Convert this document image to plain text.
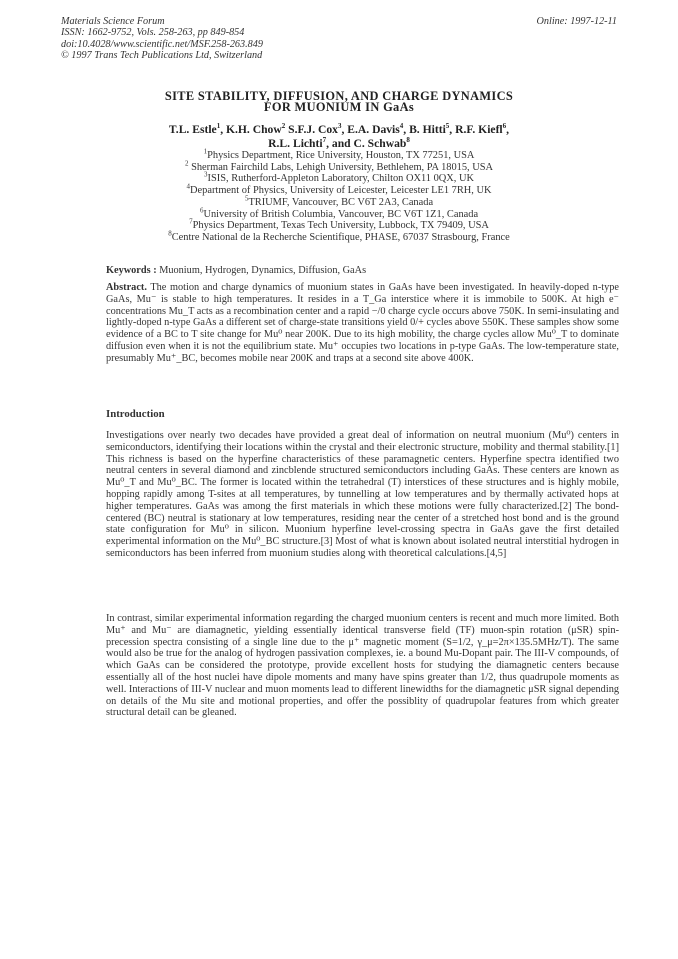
Materials Science Forum
ISSN: 1662-9752, Vols. 258-263, pp 849-854
doi:10.4028/www.scientific.net/MSF.258-263.849
© 1997 Trans Tech Publications Ltd, Switzerland
Online: 1997-12-11
SITE STABILITY, DIFFUSION, AND CHARGE DYNAMICS
FOR MUONIUM IN GaAs
T.L. Estle$^1$, K.H. Chow$^2$ S.F.J. Cox$^3$, E.A. Davis$^4$, B. Hitti$^5$, R.F. Kiefl$^6$,
R.L. Lichti$^7$, and C. Schwab$^8$
$^1$Physics Department, Rice University, Houston, TX 77251, USA
$^2$ Sherman Fairchild Labs, Lehigh University, Bethlehem, PA 18015, USA
$^3$ISIS, Rutherford-Appleton Laboratory, Chilton OX11 0QX, UK
$^4$Department of Physics, University of Leicester, Leicester LE1 7RH, UK
$^5$TRIUMF, Vancouver, BC V6T 2A3, Canada
$^6$University of British Columbia, Vancouver, BC V6T 1Z1, Canada
$^7$Physics Department, Texas Tech University, Lubbock, TX 79409, USA
$^8$Centre National de la Recherche Scientifique, PHASE, 67037 Strasbourg, France
Keywords : Muonium, Hydrogen, Dynamics, Diffusion, GaAs
Abstract. The motion and charge dynamics of muonium states in GaAs have been investigated. In heavily-doped n-type GaAs, Mu⁻ is stable to high temperatures. It resides in a T_Ga interstice where it is immobile to 500K. At high e⁻ concentrations Mu_T acts as a recombination center and a rapid −/0 charge cycle occurs above 750K. In semi-insulating and lightly-doped n-type GaAs a different set of charge-state transitions yield 0/+ cycles above 550K. These samples show some evidence of a BC to T site change for Mu⁰ near 200K. Due to its high mobility, the charge cycles allow Mu⁰_T to dominate diffusion even when it is not the equilibrium state. Mu⁺ occupies two locations in p-type GaAs. The low-temperature state, presumably Mu⁺_BC, becomes mobile near 200K and traps at a second site above 400K.
Introduction

Investigations over nearly two decades have provided a great deal of information on neutral muonium (Mu⁰) centers in semiconductors, identifying their locations within the crystal and their electronic structure, mobility and thermal stability.[1] This richness is based on the hyperfine characteristics of these paramagnetic centers. Hyperfine spectra identified two neutral centers in several diamond and zincblende structured semiconductors including GaAs. These centers are known as Mu⁰_T and Mu⁰_BC. The former is located within the tetrahedral (T) interstices of these structures and is highly mobile, hopping rapidly among T-sites at all temperatures, by tunnelling at low temperatures and by thermally activated hops at higher temperatures. GaAs was among the first materials in which these motions were fully characterized.[2] The bond-centered (BC) neutral is stationary at low temperatures, residing near the center of a stretched host bond and is the ground state configuration for Mu⁰ in silicon. Muonium hyperfine level-crossing spectra in GaAs gave the first detailed experimental information on the Mu⁰_BC structure.[3] Most of what is known about isolated neutral interstitial hydrogen in semiconductors has been inferred from muonium studies along with theoretical calculations.[4,5]

In contrast, similar experimental information regarding the charged muonium centers is recent and much more limited. Both Mu⁺ and Mu⁻ are diamagnetic, yielding essentially identical transverse field (TF) muon-spin rotation (μSR) spin-precession spectra consisting of a single line due to the μ⁺ magnetic moment (S=1/2, γ_μ=2π×135.5MHz/T). The same would also be true for the analog of hydrogen passivation complexes, ie. a bound Mu-Dopant pair. The III-V compounds, of which GaAs can be considered the prototype, provide excellent hosts for studying the diamagnetic centers because essentially all of the host nuclei have dipole moments and many have spins greater than 1/2, thus quadrupole moments as well. Interactions of III-V nuclear and muon moments lead to different linewidths for the diamagnetic μSR signal depending on details of the Mu site and motional properties, and offer the possiblity of quadrupolar features from which greater structural detail can be gleaned.
